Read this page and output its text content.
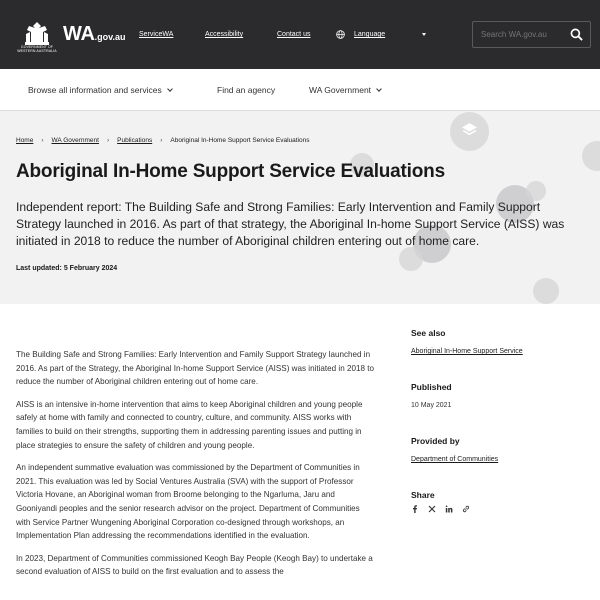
GOVERNMENT OF WESTERN AUSTRALIA
WA.gov.au ServiceWA	Accessibility	Contact us	Language
Search WA.gov.au
Browse all information and services	Find an agency	WA Government
Home › WA Government › Publications › Aboriginal In-Home Support Service Evaluations
Aboriginal In-Home Support Service Evaluations

Independent report: The Building Safe and Strong Families: Early Intervention and Family Support Strategy launched in 2016. As part of that strategy, the Aboriginal In-home Support Service (AISS) was initiated in 2018 to reduce the number of Aboriginal children entering out of home care.

Last updated: 5 February 2024

The Building Safe and Strong Families: Early Intervention and Family Support Strategy launched in 2016. As part of the Strategy, the Aboriginal In-home Support Service (AISS) was initiated in 2018 to reduce the number of Aboriginal children entering out of home care.

AISS is an intensive in-home intervention that aims to keep Aboriginal children and young people safely at home with family and connected to country, culture, and community. AISS works with families to build on their strengths, supporting them in addressing parenting issues and putting in place strategies to ensure the safety of children and young people.

An independent summative evaluation was commissioned by the Department of Communities in 2021. This evaluation was led by Social Ventures Australia (SVA) with the support of Professor Victoria Hovane, an Aboriginal woman from Broome belonging to the Ngarluma, Jaru and Gooniyandi peoples and the senior research advisor on the project. Department of Communities with Service Partner Wungening Aboriginal Corporation co-designed through workshops, an Implementation Plan addressing the recommendations identified in the evaluation.

In 2023, Department of Communities commissioned Keogh Bay People (Keogh Bay) to undertake a second evaluation of AISS to build on the first evaluation and to assess the

See also
Aboriginal In-Home Support Service
Published
10 May 2021
Provided by
Department of Communities
Share
